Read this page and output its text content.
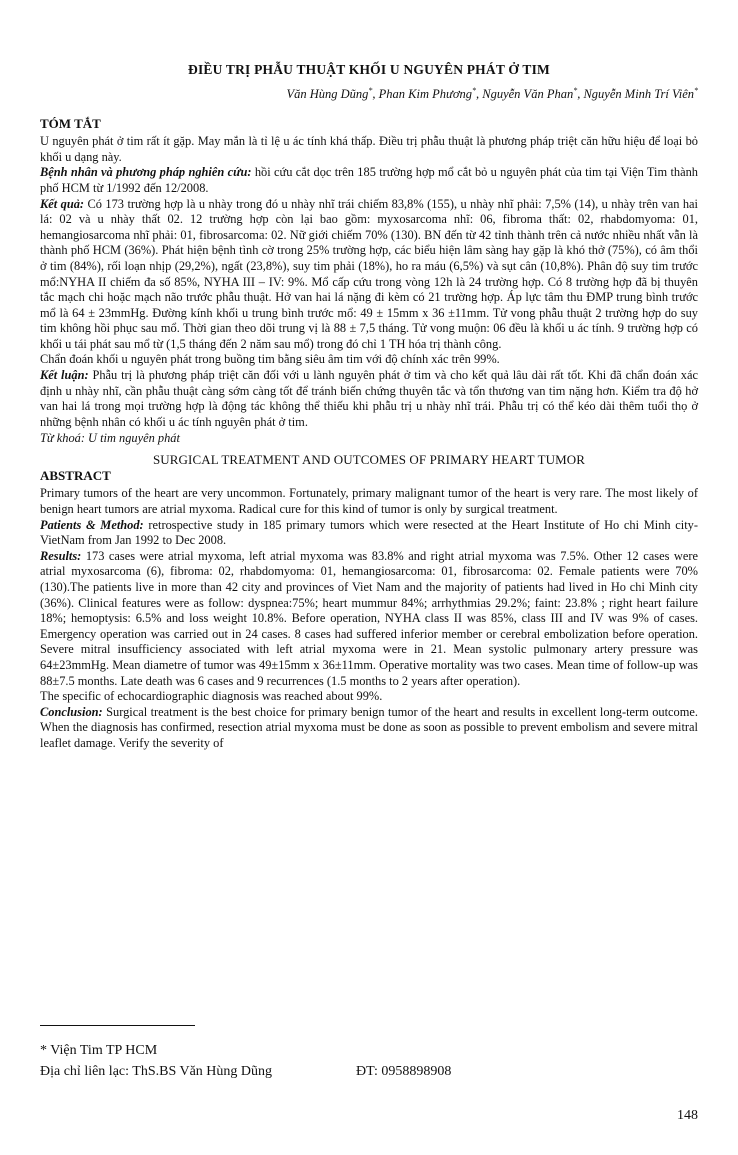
ĐIỀU TRỊ PHẪU THUẬT KHỐI U NGUYÊN PHÁT Ở TIM
Văn Hùng Dũng*, Phan Kim Phương*, Nguyễn Văn Phan*, Nguyễn Minh Trí Viên*
TÓM TẮT

U nguyên phát ở tim rất ít gặp. May mắn là tỉ lệ u ác tính khá thấp. Điều trị phẫu thuật là phương pháp triệt căn hữu hiệu để loại bỏ khối u dạng này.

Bệnh nhân và phương pháp nghiên cứu: hồi cứu cắt dọc trên 185 trường hợp mổ cắt bỏ u nguyên phát của tim tại Viện Tim thành phố HCM từ 1/1992 đến 12/2008.

Kết quả: Có 173 trường hợp là u nhày trong đó u nhày nhĩ trái chiếm 83,8% (155), u nhày nhĩ phải: 7,5% (14), u nhày trên van hai lá: 02 và u nhày thất 02. 12 trường hợp còn lại bao gồm: myxosarcoma nhĩ: 06, fibroma thất: 02, rhabdomyoma: 01, hemangiosarcoma nhĩ phải: 01, fibrosarcoma: 02. Nữ giới chiếm 70% (130). BN đến từ 42 tỉnh thành trên cả nước nhiều nhất vẫn là thành phố HCM (36%). Phát hiện bệnh tình cờ trong 25% trường hợp, các biểu hiện lâm sàng hay gặp là khó thở (75%), có âm thổi ở tim (84%), rối loạn nhịp (29,2%), ngất (23,8%), suy tim phải (18%), ho ra máu (6,5%) và sụt cân (10,8%). Phân độ suy tim trước mổ:NYHA II chiếm đa số 85%, NYHA III – IV: 9%. Mổ cấp cứu trong vòng 12h là 24 trường hợp. Có 8 trường hợp đã bị thuyên tắc mạch chi hoặc mạch não trước phẫu thuật. Hở van hai lá nặng đi kèm có 21 trường hợp. Áp lực tâm thu ĐMP trung bình trước mổ là 64 ± 23mmHg. Đường kính khối u trung bình trước mổ: 49 ± 15mm x 36 ±11mm. Tử vong phẫu thuật 2 trường hợp do suy tim không hồi phục sau mổ. Thời gian theo dõi trung vị là 88 ± 7,5 tháng. Tử vong muộn: 06 đều là khối u ác tính. 9 trường hợp có khối u tái phát sau mổ từ (1,5 tháng đến 2 năm sau mổ) trong đó chỉ 1 TH hóa trị thành công.

Chẩn đoán khối u nguyên phát trong buồng tim bằng siêu âm tim với độ chính xác trên 99%.

Kết luận: Phẫu trị là phương pháp triệt căn đối với u lành nguyên phát ở tim và cho kết quả lâu dài rất tốt. Khi đã chẩn đoán xác định u nhày nhĩ, cần phẫu thuật càng sớm càng tốt để tránh biến chứng thuyên tắc và tổn thương van tim nặng hơn. Kiểm tra độ hở van hai lá trong mọi trường hợp là động tác không thể thiếu khi phẫu trị u nhày nhĩ trái. Phẫu trị có thể kéo dài thêm tuổi thọ ở những bệnh nhân có khối u ác tính nguyên phát ở tim.

Từ khoá: U tim nguyên phát
SURGICAL TREATMENT AND OUTCOMES OF PRIMARY HEART TUMOR
ABSTRACT

Primary tumors of the heart are very uncommon. Fortunately, primary malignant tumor of the heart is very rare. The most likely of benign heart tumors are atrial myxoma. Radical cure for this kind of tumor is only by surgical treatment.

Patients & Method: retrospective study in 185 primary tumors which were resected at the Heart Institute of Ho chi Minh city-VietNam from Jan 1992 to Dec 2008.

Results: 173 cases were atrial myxoma, left atrial myxoma was 83.8% and right atrial myxoma was 7.5%. Other 12 cases were atrial myxosarcoma (6), fibroma: 02, rhabdomyoma: 01, hemangiosarcoma: 01, fibrosarcoma: 02. Female patients were 70% (130).The patients live in more than 42 city and provinces of Viet Nam and the majority of patients had lived in Ho chi Minh city (36%). Clinical features were as follow: dyspnea:75%; heart mummur 84%; arrhythmias 29.2%; faint: 23.8% ; right heart failure 18%; hemoptysis: 6.5% and loss weight 10.8%. Before operation, NYHA class II was 85%, class III and IV was 9% of cases. Emergency operation was carried out in 24 cases. 8 cases had suffered inferior member or cerebral embolization before operation. Severe mitral insufficiency associated with left atrial myxoma were in 21. Mean systolic pulmonary artery pressure was 64±23mmHg. Mean diametre of tumor was 49±15mm x 36±11mm. Operative mortality was two cases. Mean time of follow-up was 88±7.5 months. Late death was 6 cases and 9 recurrences (1.5 months to 2 years after operation).

The specific of echocardiographic diagnosis was reached about 99%.

Conclusion: Surgical treatment is the best choice for primary benign tumor of the heart and results in excellent long-term outcome. When the diagnosis has confirmed, resection atrial myxoma must be done as soon as possible to prevent embolism and severe mitral leaflet damage. Verify the severity of

* Viện Tim TP HCM
Địa chỉ liên lạc: ThS.BS Văn Hùng Dũng	ĐT: 0958898908
148
